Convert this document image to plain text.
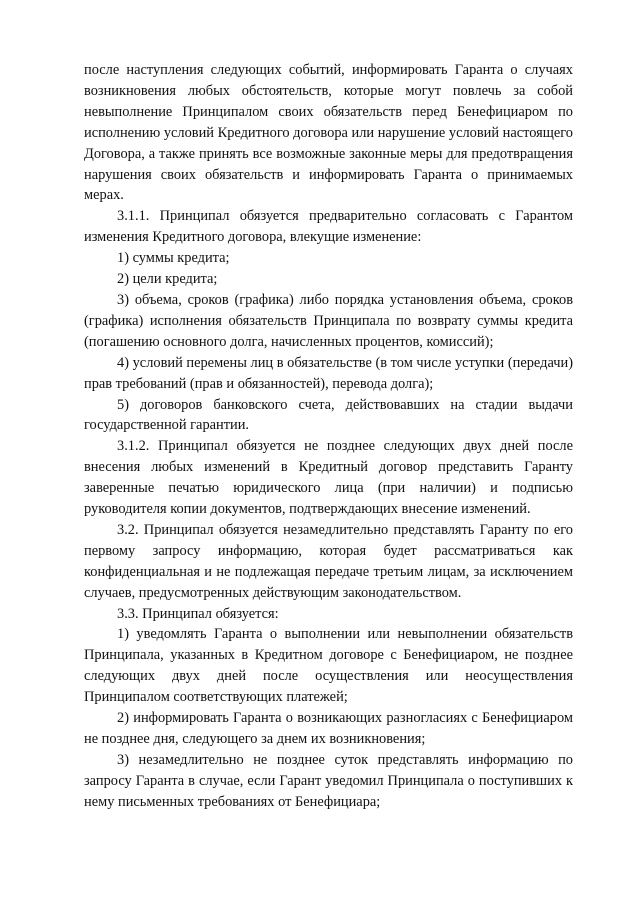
после наступления следующих событий, информировать Гаранта о случаях возникновения любых обстоятельств, которые могут повлечь за собой невыполнение Принципалом своих обязательств перед Бенефициаром по исполнению условий Кредитного договора или нарушение условий настоящего Договора, а также принять все возможные законные меры для предотвращения нарушения своих обязательств и информировать Гаранта о принимаемых мерах.

3.1.1. Принципал обязуется предварительно согласовать с Гарантом изменения Кредитного договора, влекущие изменение:

1) суммы кредита;

2) цели кредита;

3) объема, сроков (графика) либо порядка установления объема, сроков (графика) исполнения обязательств Принципала по возврату суммы кредита (погашению основного долга, начисленных процентов, комиссий);

4) условий перемены лиц в обязательстве (в том числе уступки (передачи) прав требований (прав и обязанностей), перевода долга);

5) договоров банковского счета, действовавших на стадии выдачи государственной гарантии.

3.1.2. Принципал обязуется не позднее следующих двух дней после внесения любых изменений в Кредитный договор представить Гаранту заверенные печатью юридического лица (при наличии) и подписью руководителя копии документов, подтверждающих внесение изменений.

3.2. Принципал обязуется незамедлительно представлять Гаранту по его первому запросу информацию, которая будет рассматриваться как конфиденциальная и не подлежащая передаче третьим лицам, за исключением случаев, предусмотренных действующим законодательством.

3.3. Принципал обязуется:

1) уведомлять Гаранта о выполнении или невыполнении обязательств Принципала, указанных в Кредитном договоре с Бенефициаром, не позднее следующих двух дней после осуществления или неосуществления Принципалом соответствующих платежей;

2) информировать Гаранта о возникающих разногласиях с Бенефициаром не позднее дня, следующего за днем их возникновения;

3) незамедлительно не позднее суток представлять информацию по запросу Гаранта в случае, если Гарант уведомил Принципала о поступивших к нему письменных требованиях от Бенефициара;
